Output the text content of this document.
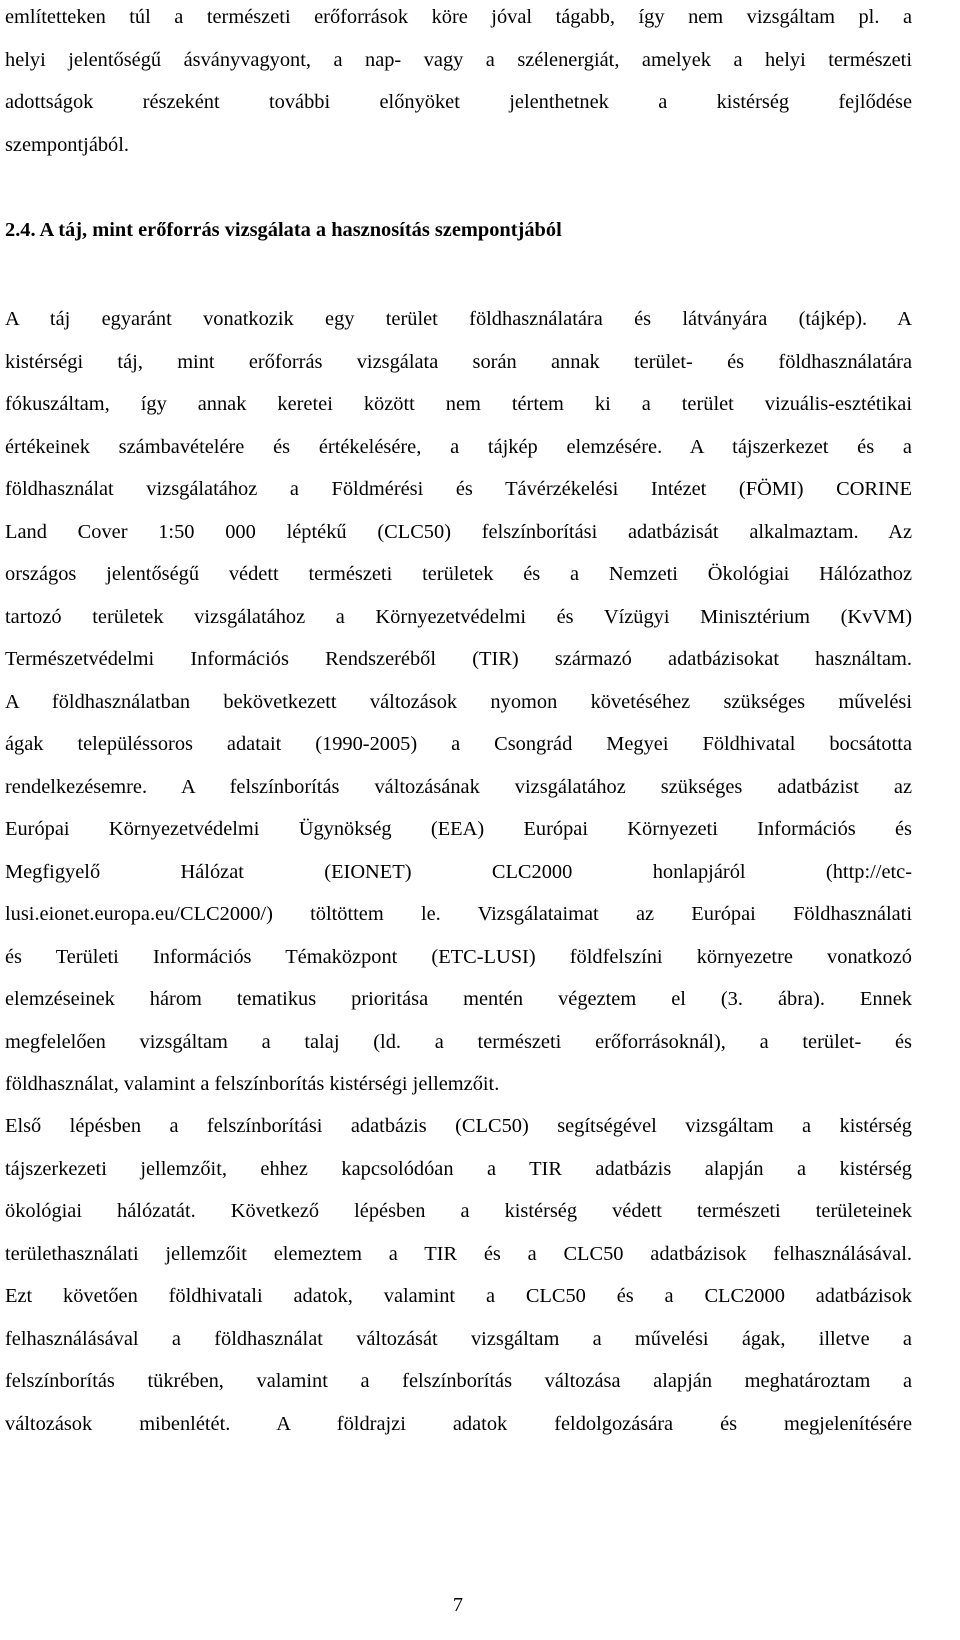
említetteken túl a természeti erőforrások köre jóval tágabb, így nem vizsgáltam pl. a
helyi jelentőségű ásványvagyont, a nap- vagy a szélenergiát, amelyek a helyi természeti
adottságok részeként további előnyöket jelenthetnek a kistérség fejlődése
szempontjából.
2.4. A táj, mint erőforrás vizsgálata a hasznosítás szempontjából
A táj egyaránt vonatkozik egy terület földhasználatára és látványára (tájkép). A
kistérségi táj, mint erőforrás vizsgálata során annak terület- és földhasználatára
fókuszáltam, így annak keretei között nem tértem ki a terület vizuális-esztétikai
értékeinek számbavételére és értékelésére, a tájkép elemzésére. A tájszerkezet és a
földhasználat vizsgálatához a Földmérési és Távérzékelési Intézet (FÖMI) CORINE
Land Cover 1:50 000 léptékű (CLC50) felszínborítási adatbázisát alkalmaztam. Az
országos jelentőségű védett természeti területek és a Nemzeti Ökológiai Hálózathoz
tartozó területek vizsgálatához a Környezetvédelmi és Vízügyi Minisztérium (KvVM)
Természetvédelmi Információs Rendszeréből (TIR) származó adatbázisokat használtam.
A földhasználatban bekövetkezett változások nyomon követéséhez szükséges művelési
ágak településsoros adatait (1990-2005) a Csongrád Megyei Földhivatal bocsátotta
rendelkezésemre. A felszínborítás változásának vizsgálatához szükséges adatbázist az
Európai Környezetvédelmi Ügynökség (EEA) Európai Környezeti Információs és
Megfigyelő Hálózat (EIONET) CLC2000 honlapjáról (http://etc-
lusi.eionet.europa.eu/CLC2000/) töltöttem le. Vizsgálataimat az Európai Földhasználati
és Területi Információs Témaközpont (ETC-LUSI) földfelszíni környezetre vonatkozó
elemzéseinek három tematikus prioritása mentén végeztem el (3. ábra). Ennek
megfelelően vizsgáltam a talaj (ld. a természeti erőforrásoknál), a terület- és
földhasználat, valamint a felszínborítás kistérségi jellemzőit.
Első lépésben a felszínborítási adatbázis (CLC50) segítségével vizsgáltam a kistérség
tájszerkezeti jellemzőit, ehhez kapcsolódóan a TIR adatbázis alapján a kistérség
ökológiai hálózatát. Következő lépésben a kistérség védett természeti területeinek
területhasználati jellemzőit elemeztem a TIR és a CLC50 adatbázisok felhasználásával.
Ezt követően földhivatali adatok, valamint a CLC50 és a CLC2000 adatbázisok
felhasználásával a földhasználat változását vizsgáltam a művelési ágak, illetve a
felszínborítás tükrében, valamint a felszínborítás változása alapján meghatároztam a
változások mibenlétét. A földrajzi adatok feldolgozására és megjelenítésére
7
